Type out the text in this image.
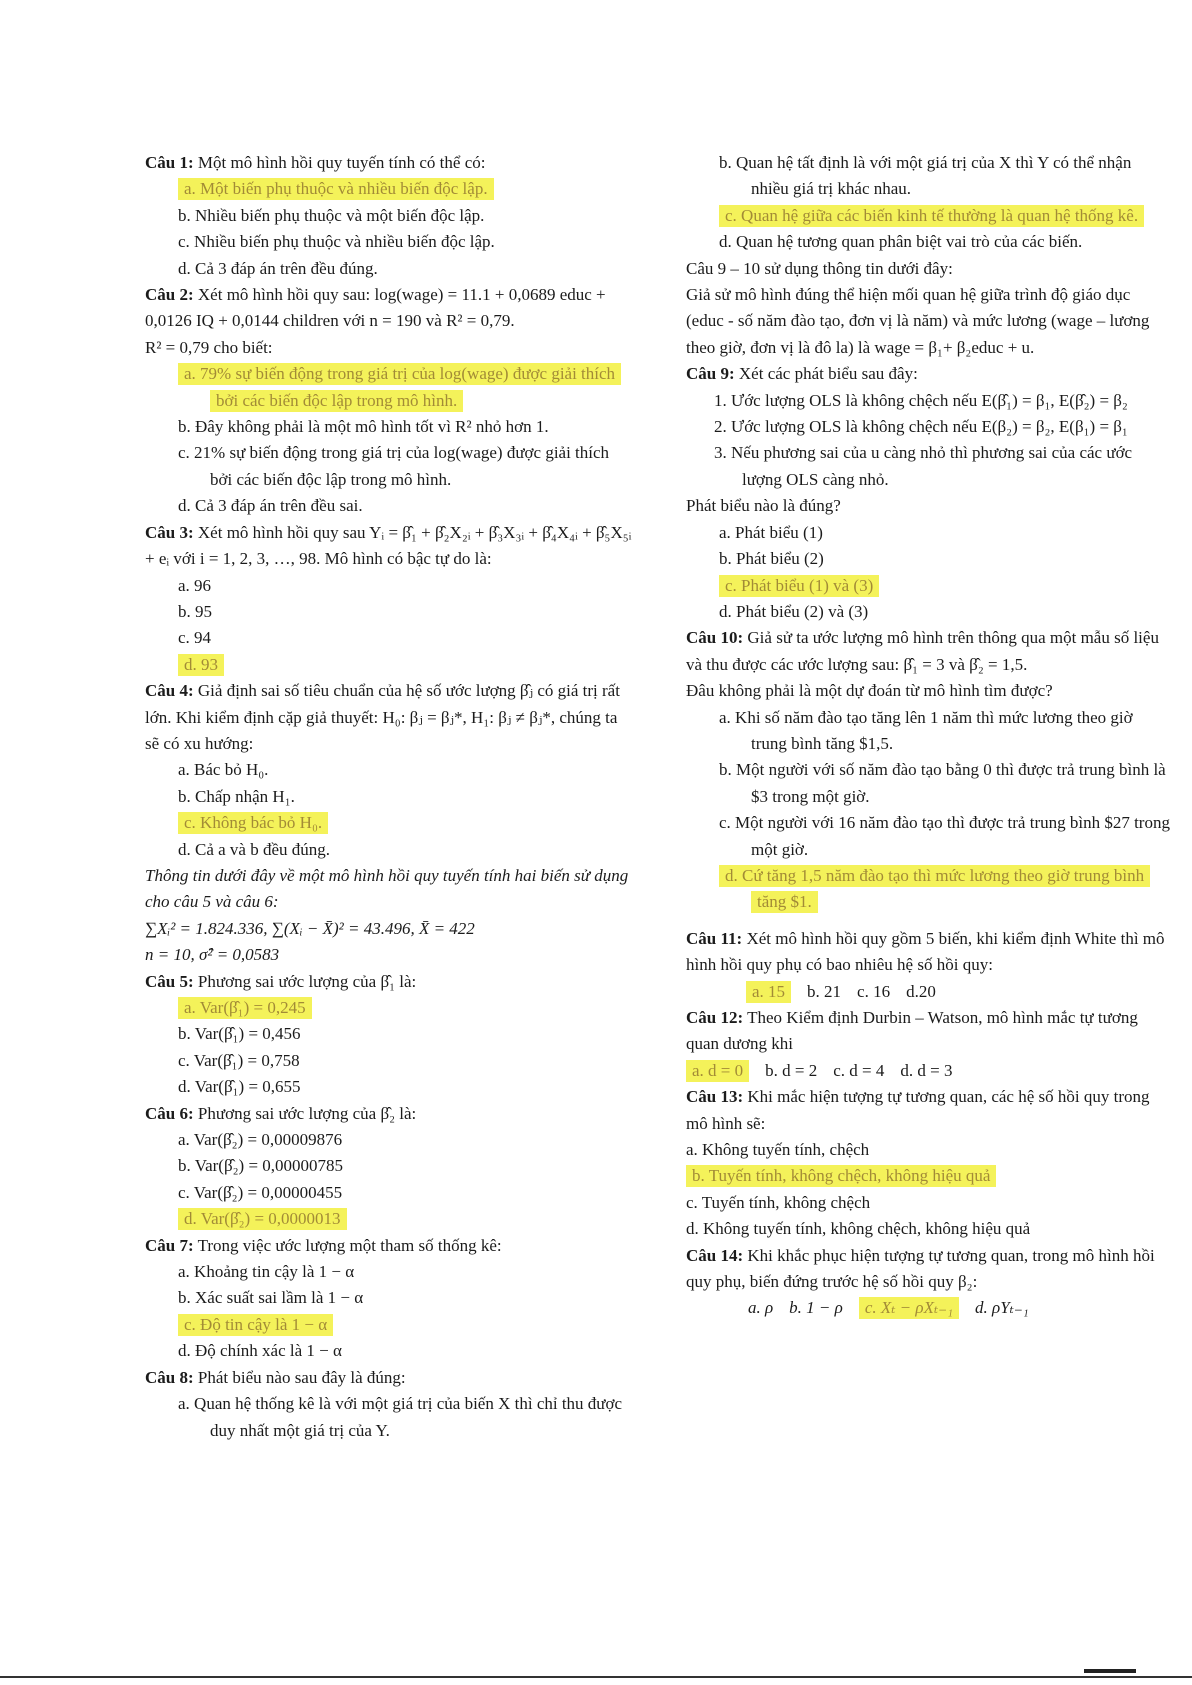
Câu 1: Một mô hình hồi quy tuyến tính có thể có:
a. Một biến phụ thuộc và nhiều biến độc lập.
b. Nhiều biến phụ thuộc và một biến độc lập.
c. Nhiều biến phụ thuộc và nhiều biến độc lập.
d. Cả 3 đáp án trên đều đúng.
Câu 2: Xét mô hình hồi quy sau: log(wage) = 11.1 + 0,0689 educ + 0,0126 IQ + 0,0144 children với n = 190 và R² = 0,79.
R² = 0,79 cho biết:
a. 79% sự biến động trong giá trị của log(wage) được giải thích bởi các biến độc lập trong mô hình.
b. Đây không phải là một mô hình tốt vì R² nhỏ hơn 1.
c. 21% sự biến động trong giá trị của log(wage) được giải thích bởi các biến độc lập trong mô hình.
d. Cả 3 đáp án trên đều sai.
Câu 3: Xét mô hình hồi quy sau Yᵢ = β̂₁ + β̂₂X₂ᵢ + β̂₃X₃ᵢ + β̂₄X₄ᵢ + β̂₅X₅ᵢ + eᵢ với i = 1, 2, 3, …, 98. Mô hình có bậc tự do là:
a. 96
b. 95
c. 94
d. 93
Câu 4: Giả định sai số tiêu chuẩn của hệ số ước lượng β̂ⱼ có giá trị rất lớn. Khi kiểm định cặp giả thuyết: H₀: βⱼ = βⱼ*, H₁: βⱼ ≠ βⱼ*, chúng ta sẽ có xu hướng:
a. Bác bỏ H₀.
b. Chấp nhận H₁.
c. Không bác bỏ H₀.
d. Cả a và b đều đúng.
Thông tin dưới đây về một mô hình hồi quy tuyến tính hai biến sử dụng cho câu 5 và câu 6:
∑Xᵢ² = 1.824.336, ∑(Xᵢ − X̄)² = 43.496, X̄ = 422
n = 10, σ̂² = 0,0583
Câu 5: Phương sai ước lượng của β̂₁ là:
a. Var(β̂₁) = 0,245
b. Var(β̂₁) = 0,456
c. Var(β̂₁) = 0,758
d. Var(β̂₁) = 0,655
Câu 6: Phương sai ước lượng của β̂₂ là:
a. Var(β̂₂) = 0,00009876
b. Var(β̂₂) = 0,00000785
c. Var(β̂₂) = 0,00000455
d. Var(β̂₂) = 0,0000013
Câu 7: Trong việc ước lượng một tham số thống kê:
a. Khoảng tin cậy là 1 − α
b. Xác suất sai lầm là 1 − α
c. Độ tin cậy là 1 − α
d. Độ chính xác là 1 − α
Câu 8: Phát biểu nào sau đây là đúng:
a. Quan hệ thống kê là với một giá trị của biến X thì chỉ thu được duy nhất một giá trị của Y.
b. Quan hệ tất định là với một giá trị của X thì Y có thể nhận nhiều giá trị khác nhau.
c. Quan hệ giữa các biến kinh tế thường là quan hệ thống kê.
d. Quan hệ tương quan phân biệt vai trò của các biến.
Câu 9 – 10 sử dụng thông tin dưới đây:
Giả sử mô hình đúng thể hiện mối quan hệ giữa trình độ giáo dục (educ - số năm đào tạo, đơn vị là năm) và mức lương (wage – lương theo giờ, đơn vị là đô la) là wage = β₁+ β₂educ + u.
Câu 9: Xét các phát biểu sau đây:
1. Ước lượng OLS là không chệch nếu E(β̂₁) = β₁, E(β̂₂) = β₂
2. Ước lượng OLS là không chệch nếu E(β₂) = β₂, E(β₁) = β₁
3. Nếu phương sai của u càng nhỏ thì phương sai của các ước lượng OLS càng nhỏ.
Phát biểu nào là đúng?
a. Phát biểu (1)
b. Phát biểu (2)
c. Phát biểu (1) và (3)
d. Phát biểu (2) và (3)
Câu 10: Giả sử ta ước lượng mô hình trên thông qua một mẫu số liệu và thu được các ước lượng sau: β̂₁ = 3 và β̂₂ = 1,5.
Đâu không phải là một dự đoán từ mô hình tìm được?
a. Khi số năm đào tạo tăng lên 1 năm thì mức lương theo giờ trung bình tăng $1,5.
b. Một người với số năm đào tạo bằng 0 thì được trả trung bình là $3 trong một giờ.
c. Một người với 16 năm đào tạo thì được trả trung bình $27 trong một giờ.
d. Cứ tăng 1,5 năm đào tạo thì mức lương theo giờ trung bình tăng $1.
Câu 11: Xét mô hình hồi quy gồm 5 biến, khi kiểm định White thì mô hình hồi quy phụ có bao nhiêu hệ số hồi quy:
a. 15 b. 21 c. 16 d.20
Câu 12: Theo Kiểm định Durbin – Watson, mô hình mắc tự tương quan dương khi
a. d = 0 b. d = 2 c. d = 4 d. d = 3
Câu 13: Khi mắc hiện tượng tự tương quan, các hệ số hồi quy trong mô hình sẽ:
a. Không tuyến tính, chệch
b. Tuyến tính, không chệch, không hiệu quả
c. Tuyến tính, không chệch
d. Không tuyến tính, không chệch, không hiệu quả
Câu 14: Khi khắc phục hiện tượng tự tương quan, trong mô hình hồi quy phụ, biến đứng trước hệ số hồi quy β₂:
a. ρ b. 1 − ρ c. Xₜ − ρXₜ₋₁ d. ρYₜ₋₁
